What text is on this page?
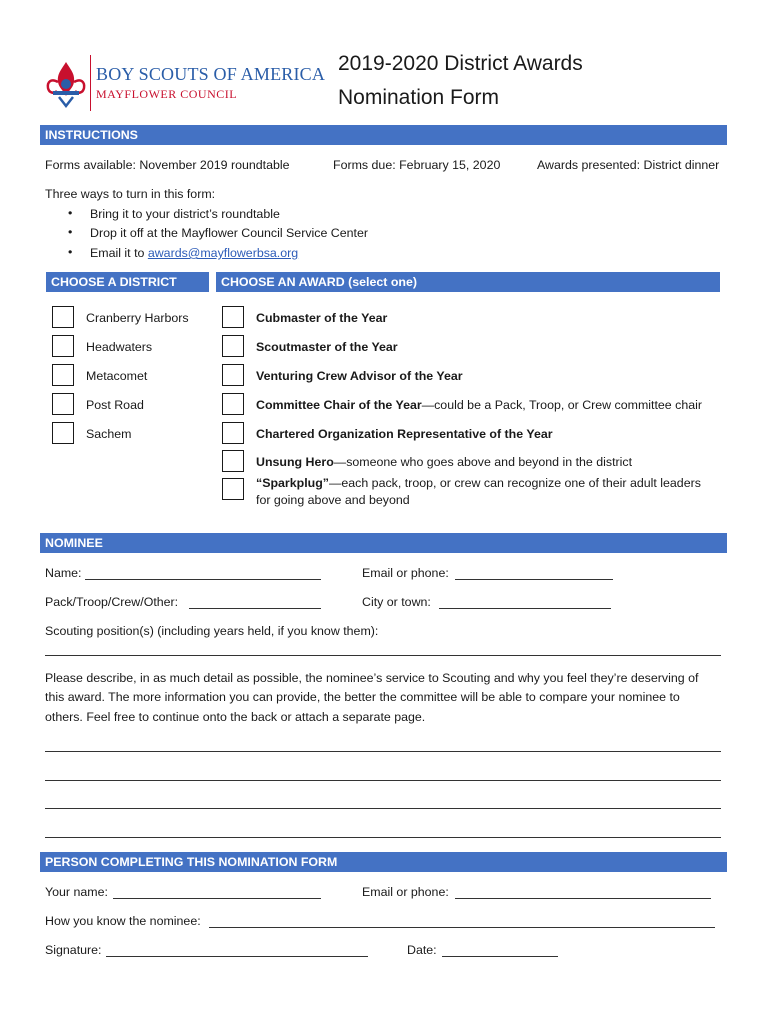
BOY SCOUTS OF AMERICA
MAYFLOWER COUNCIL
2019-2020 District Awards
Nomination Form
INSTRUCTIONS
Forms available: November 2019 roundtable	Forms due: February 15, 2020	Awards presented: District dinner
Three ways to turn in this form:
• Bring it to your district’s roundtable
• Drop it off at the Mayflower Council Service Center
• Email it to awards@mayflowerbsa.org
CHOOSE A DISTRICT
Cranberry Harbors
Headwaters
Metacomet
Post Road
Sachem
CHOOSE AN AWARD (select one)
Cubmaster of the Year
Scoutmaster of the Year
Venturing Crew Advisor of the Year
Committee Chair of the Year—could be a Pack, Troop, or Crew committee chair
Chartered Organization Representative of the Year
Unsung Hero—someone who goes above and beyond in the district
“Sparkplug”—each pack, troop, or crew can recognize one of their adult leaders
for going above and beyond
NOMINEE
Name:	Email or phone:
Pack/Troop/Crew/Other:	City or town:
Scouting position(s) (including years held, if you know them):
Please describe, in as much detail as possible, the nominee’s service to Scouting and why you feel they’re deserving of
this award. The more information you can provide, the better the committee will be able to compare your nominee to
others. Feel free to continue onto the back or attach a separate page.
PERSON COMPLETING THIS NOMINATION FORM
Your name:	Email or phone:
How you know the nominee:
Signature:	Date:
